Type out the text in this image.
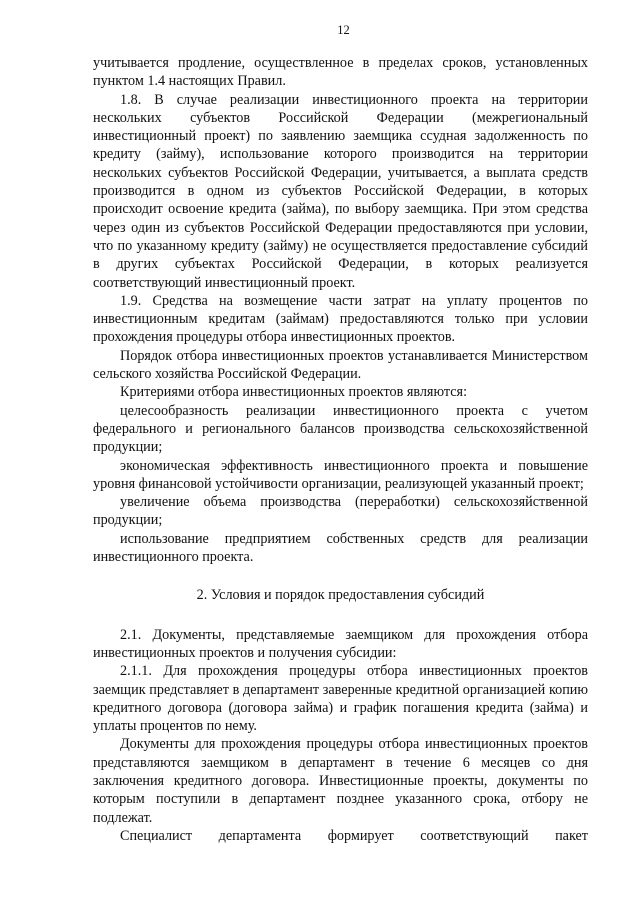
12

учитывается продление, осуществленное в пределах сроков, установленных пунктом 1.4 настоящих Правил.

1.8. В случае реализации инвестиционного проекта на территории нескольких субъектов Российской Федерации (межрегиональный инвестиционный проект) по заявлению заемщика ссудная задолженность по кредиту (займу), использование которого производится на территории нескольких субъектов Российской Федерации, учитывается, а выплата средств производится в одном из субъектов Российской Федерации, в которых происходит освоение кредита (займа), по выбору заемщика. При этом средства через один из субъектов Российской Федерации предоставляются при условии, что по указанному кредиту (займу) не осуществляется предоставление субсидий в других субъектах Российской Федерации, в которых реализуется соответствующий инвестиционный проект.

1.9. Средства на возмещение части затрат на уплату процентов по инвестиционным кредитам (займам) предоставляются только при условии прохождения процедуры отбора инвестиционных проектов.

Порядок отбора инвестиционных проектов устанавливается Министерством сельского хозяйства Российской Федерации.

Критериями отбора инвестиционных проектов являются:

целесообразность реализации инвестиционного проекта с учетом федерального и регионального балансов производства сельскохозяйственной продукции;

экономическая эффективность инвестиционного проекта и повышение уровня финансовой устойчивости организации, реализующей указанный проект;

увеличение объема производства (переработки) сельскохозяйственной продукции;

использование предприятием собственных средств для реализации инвестиционного проекта.

2. Условия и порядок предоставления субсидий

2.1. Документы, представляемые заемщиком для прохождения отбора инвестиционных проектов и получения субсидии:

2.1.1. Для прохождения процедуры отбора инвестиционных проектов заемщик представляет в департамент заверенные кредитной организацией копию кредитного договора (договора займа) и график погашения кредита (займа) и уплаты процентов по нему.

Документы для прохождения процедуры отбора инвестиционных проектов представляются заемщиком в департамент в течение 6 месяцев со дня заключения кредитного договора. Инвестиционные проекты, документы по которым поступили в департамент позднее указанного срока, отбору не подлежат.

Специалист департамента формирует соответствующий пакет
